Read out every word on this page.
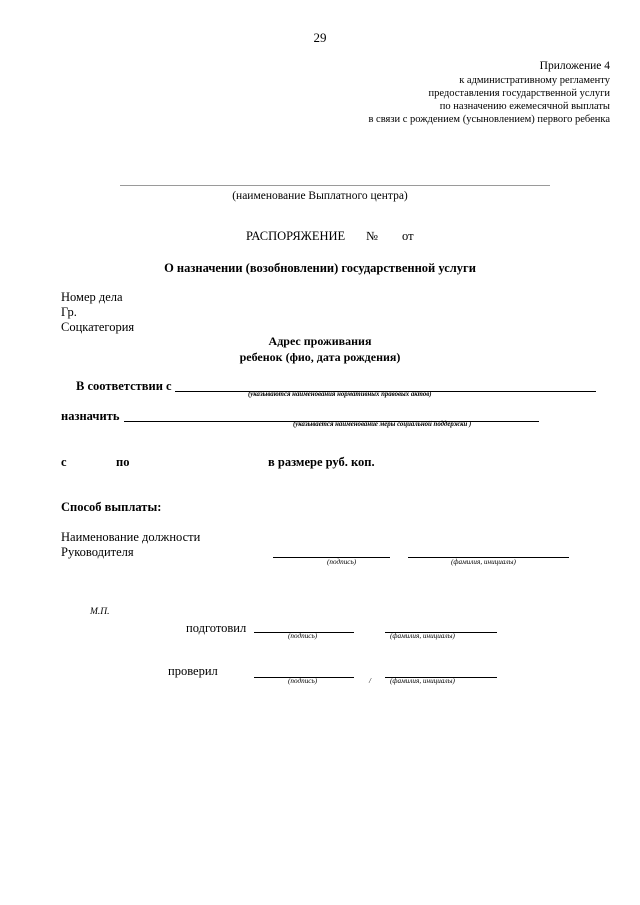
29
Приложение 4
к административному регламенту
предоставления государственной услуги
по назначению ежемесячной выплаты
в связи с рождением (усыновлением) первого ребенка
(наименование Выплатного центра)
РАСПОРЯЖЕНИЕ № от
О назначении (возобновлении) государственной услуги
Номер дела
Гр.
Соцкатегория
Адрес проживания
ребенок (фио, дата рождения)
В соответствии с
(указываются наименования нормативных правовых актов)
назначить
(указывается наименование меры социальной поддержки )
с	по	в размере руб. коп.
Способ выплаты:
Наименование должности
Руководителя
(подпись)	(фамилия, инициалы)
М.П.
подготовил
(подпись)	(фамилия, инициалы)
проверил
(подпись)	/	(фамилия, инициалы)
